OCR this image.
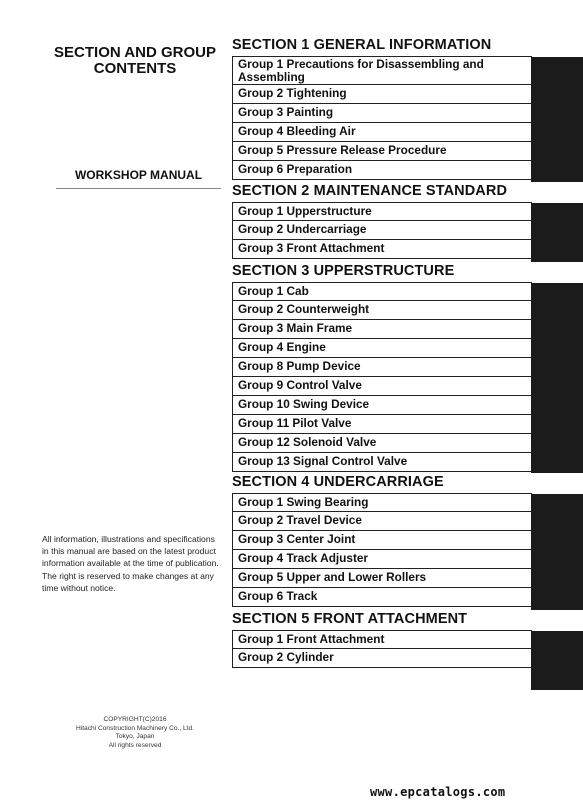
SECTION AND GROUP
CONTENTS
WORKSHOP MANUAL
All information, illustrations and specifications in this manual are based on the latest product information available at the time of publication. The right is reserved to make changes at any time without notice.
COPYRIGHT(C)2016
Hitachi Construction Machinery Co., Ltd.
Tokyo, Japan
All rights reserved
www.epcatalogs.com
SECTION 1 GENERAL INFORMATION
Group 1 Precautions for Disassembling and Assembling
Group 2 Tightening
Group 3 Painting
Group 4 Bleeding Air
Group 5 Pressure Release Procedure
Group 6 Preparation
SECTION 2 MAINTENANCE STANDARD
Group 1 Upperstructure
Group 2 Undercarriage
Group 3 Front Attachment
SECTION 3 UPPERSTRUCTURE
Group 1 Cab
Group 2 Counterweight
Group 3 Main Frame
Group 4 Engine
Group 8 Pump Device
Group 9 Control Valve
Group 10 Swing Device
Group 11 Pilot Valve
Group 12 Solenoid Valve
Group 13 Signal Control Valve
SECTION 4 UNDERCARRIAGE
Group 1 Swing Bearing
Group 2 Travel Device
Group 3 Center Joint
Group 4 Track Adjuster
Group 5 Upper and Lower Rollers
Group 6 Track
SECTION 5 FRONT ATTACHMENT
Group 1 Front Attachment
Group 2 Cylinder
